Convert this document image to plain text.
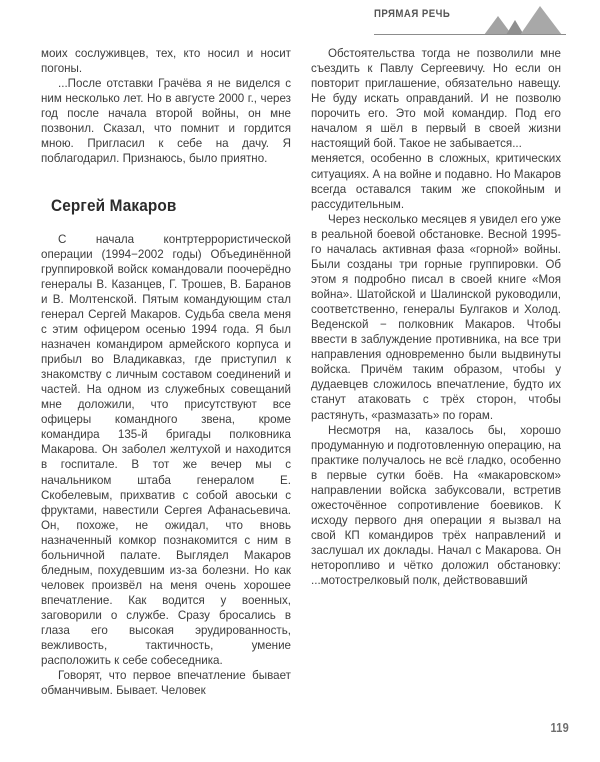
ПРЯМАЯ РЕЧЬ

моих сослуживцев, тех, кто носил и носит погоны.

...После отставки Грачёва я не виделся с ним несколько лет. Но в августе 2000 г., через год после начала второй войны, он мне позвонил. Сказал, что помнит и гордится мною. Пригласил к себе на дачу. Я поблагодарил. Признаюсь, было приятно.

Сергей Макаров

С начала контртеррористической операции (1994−2002 годы) Объединённой группировкой войск командовали поочерёдно генералы В. Казанцев, Г. Трошев, В. Баранов и В. Молтенской. Пятым командующим стал генерал Сергей Макаров. Судьба свела меня с этим офицером осенью 1994 года. Я был назначен командиром армейского корпуса и прибыл во Владикавказ, где приступил к знакомству с личным составом соединений и частей. На одном из служебных совещаний мне доложили, что присутствуют все офицеры командного звена, кроме командира 135-й бригады полковника Макарова. Он заболел желтухой и находится в госпитале. В тот же вечер мы с начальником штаба генералом Е. Скобелевым, прихватив с собой авоськи с фруктами, навестили Сергея Афанасьевича. Он, похоже, не ожидал, что вновь назначенный комкор познакомится с ним в больничной палате. Выглядел Макаров бледным, похудевшим из-за болезни. Но как человек произвёл на меня очень хорошее впечатление. Как водится у военных, заговорили о службе. Сразу бросались в глаза его высокая эрудированность, вежливость, тактичность, умение расположить к себе собеседника.

Говорят, что первое впечатление бывает обманчивым. Бывает. Человек

Обстоятельства тогда не позволили мне съездить к Павлу Сергеевичу. Но если он повторит приглашение, обязательно навещу. Не буду искать оправданий. И не позволю порочить его. Это мой командир. Под его началом я шёл в первый в своей жизни настоящий бой. Такое не забывается...

меняется, особенно в сложных, критических ситуациях. А на войне и подавно. Но Макаров всегда оставался таким же спокойным и рассудительным.

Через несколько месяцев я увидел его уже в реальной боевой обстановке. Весной 1995-го началась активная фаза «горной» войны. Были созданы три горные группировки. Об этом я подробно писал в своей книге «Моя война». Шатойской и Шалинской руководили, соответственно, генералы Булгаков и Холод. Веденской − полковник Макаров. Чтобы ввести в заблуждение противника, на все три направления одновременно были выдвинуты войска. Причём таким образом, чтобы у дудаевцев сложилось впечатление, будто их станут атаковать с трёх сторон, чтобы растянуть, «размазать» по горам.

Несмотря на, казалось бы, хорошо продуманную и подготовленную операцию, на практике получалось не всё гладко, особенно в первые сутки боёв. На «макаровском» направлении войска забуксовали, встретив ожесточённое сопротивление боевиков. К исходу первого дня операции я вызвал на свой КП командиров трёх направлений и заслушал их доклады. Начал с Макарова. Он неторопливо и чётко доложил обстановку: ...мотострелковый полк, действовавший

119
